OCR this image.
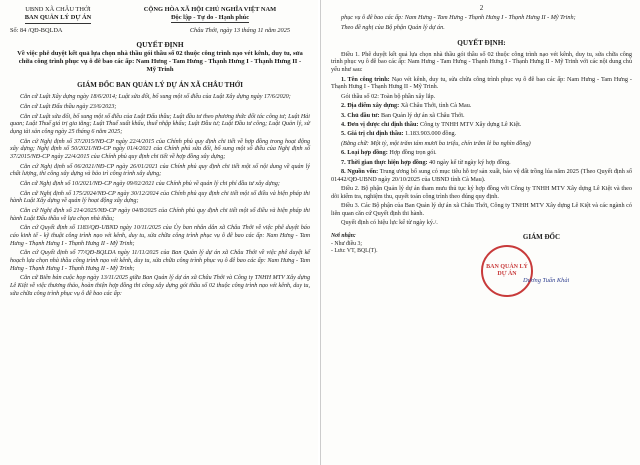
UBND XÃ CHÂU THỚI
BAN QUẢN LÝ DỰ ÁN
CỘNG HÒA XÃ HỘI CHỦ NGHĨA VIỆT NAM
Độc lập - Tự do - Hạnh phúc
Số: 84 /QĐ-BQLDA	Châu Thới, ngày 13 tháng 11 năm 2025
QUYẾT ĐỊNH
Về việc phê duyệt kết quả lựa chọn nhà thầu gói thầu số 02 thuộc công trình nạo vét kênh, duy tu, sửa chữa công trình phục vụ ô đê bao các ấp: Nam Hưng - Tam Hưng - Thạnh Hưng I - Thạnh Hưng II - Mỹ Trinh
GIÁM ĐỐC BAN QUẢN LÝ DỰ ÁN XÃ CHÂU THỚI
Căn cứ Luật Xây dựng ngày 18/6/2014; Luật sửa đổi, bổ sung một số điều của Luật Xây dựng ngày 17/6/2020;
Căn cứ Luật Đấu thầu ngày 23/6/2023;
Căn cứ Luật sửa đổi, bổ sung một số điều của Luật Đấu thầu; Luật đầu tư theo phương thức đối tác công tư; Luật Hải quan; Luật Thuế giá trị gia tăng; Luật Thuế xuất khẩu, thuế nhập khẩu; Luật Đầu tư; Luật Đầu tư công; Luật Quản lý, sử dụng tài sản công ngày 25 tháng 6 năm 2025;
Căn cứ Nghị định số 37/2015/NĐ-CP ngày 22/4/2015 của Chính phủ quy định chi tiết về hợp đồng trong hoạt động xây dựng; Nghị định số 50/2021/NĐ-CP ngày 01/4/2021 của Chính phủ sửa đổi, bổ sung một số điều của Nghị định số 37/2015/NĐ-CP ngày 22/4/2015 của Chính phủ quy định chi tiết về hợp đồng xây dựng;
Căn cứ Nghị định số 06/2021/NĐ-CP ngày 26/01/2021 của Chính phủ quy định chi tiết một số nội dung về quản lý chất lượng, thi công xây dựng và bảo trì công trình xây dựng;
Căn cứ Nghị định số 10/2021/NĐ-CP ngày 09/02/2021 của Chính phủ về quản lý chi phí đầu tư xây dựng;
Căn cứ Nghị định số 175/2024/NĐ-CP ngày 30/12/2024 của Chính phủ quy định chi tiết một số điều và biện pháp thi hành Luật Xây dựng về quản lý hoạt động xây dựng;
Căn cứ Nghị định số 214/2025/NĐ-CP ngày 04/8/2025 của Chính phủ quy định chi tiết một số điều và biện pháp thi hành Luật Đấu thầu về lựa chọn nhà thầu;
Căn cứ Quyết định số 1183/QĐ-UBND ngày 10/11/2025 của Ủy ban nhân dân xã Châu Thới về việc phê duyệt báo cáo kinh tế - kỹ thuật công trình nạo vét kênh, duy tu, sửa chữa công trình phục vụ ô đê bao các ấp: Nam Hưng - Tam Hưng - Thạnh Hưng I - Thạnh Hưng II - Mỹ Trinh;
Căn cứ Quyết định số 77/QĐ-BQLDA ngày 11/11/2025 của Ban Quản lý dự án xã Châu Thới về việc phê duyệt kế hoạch lựa chọn nhà thầu công trình nạo vét kênh, duy tu, sửa chữa công trình phục vụ ô đê bao các ấp: Nam Hưng - Tam Hưng - Thạnh Hưng I - Thạnh Hưng II - Mỹ Trinh;
Căn cứ Biên bản cuộc họp ngày 13/11/2025 giữa Ban Quản lý dự án xã Châu Thới và Công ty TNHH MTV Xây dựng Lê Kiệt về việc thương thảo, hoàn thiện hợp đồng thi công xây dựng gói thầu số 02 thuộc công trình nạo vét kênh, duy tu, sửa chữa công trình phục vụ ô đê bao các ấp:
2
phục vụ ô đê bao các ấp: Nam Hưng - Tam Hưng - Thạnh Hưng I - Thạnh Hưng II - Mỹ Trinh;
Theo đề nghị của Bộ phận Quản lý dự án.
QUYẾT ĐỊNH:
Điều 1. Phê duyệt kết quả lựa chọn nhà thầu gói thầu số 02 thuộc công trình nạo vét kênh, duy tu, sửa chữa công trình phục vụ ô đê bao các ấp: Nam Hưng - Tam Hưng - Thạnh Hưng I - Thạnh Hưng II - Mỹ Trinh với các nội dung chủ yếu như sau:
1. Tên công trình: Nạo vét kênh, duy tu, sửa chữa công trình phục vụ ô đê bao các ấp: Nam Hưng - Tam Hưng - Thạnh Hưng I - Thạnh Hưng II - Mỹ Trinh.
Gói thầu số 02: Toàn bộ phần xây lắp.
2. Địa điểm xây dựng: Xã Châu Thới, tỉnh Cà Mau.
3. Chủ đầu tư: Ban Quản lý dự án xã Châu Thới.
4. Đơn vị được chỉ định thầu: Công ty TNHH MTV Xây dựng Lê Kiệt.
5. Giá trị chỉ định thầu: 1.183.903.000 đồng.
(Bằng chữ: Một tỷ, một trăm tám mươi ba triệu, chín trăm lẻ ba nghìn đồng)
6. Loại hợp đồng: Hợp đồng trọn gói.
7. Thời gian thực hiện hợp đồng: 40 ngày kể từ ngày ký hợp đồng.
8. Nguồn vốn: Trung ương bổ sung có mục tiêu hỗ trợ sản xuất, bảo vệ đất trồng lúa năm 2025 (Theo Quyết định số 01442/QĐ-UBND ngày 20/10/2025 của UBND tỉnh Cà Mau).
Điều 2. Bộ phận Quản lý dự án tham mưu thủ tục ký hợp đồng với Công ty TNHH MTV Xây dựng Lê Kiệt và theo dõi kiểm tra, nghiệm thu, quyết toán công trình theo đúng quy định.
Điều 3. Các Bộ phận của Ban Quản lý dự án xã Châu Thới, Công ty TNHH MTV Xây dựng Lê Kiệt và các ngành có liên quan căn cứ Quyết định thi hành.
Quyết định có hiệu lực kể từ ngày ký./.
Nơi nhận:
- Như điều 3;
- Lưu: VT, BQL(T).
GIÁM ĐỐC
BAN QUẢN LÝ DỰ ÁN
Dương Tuấn Khải
